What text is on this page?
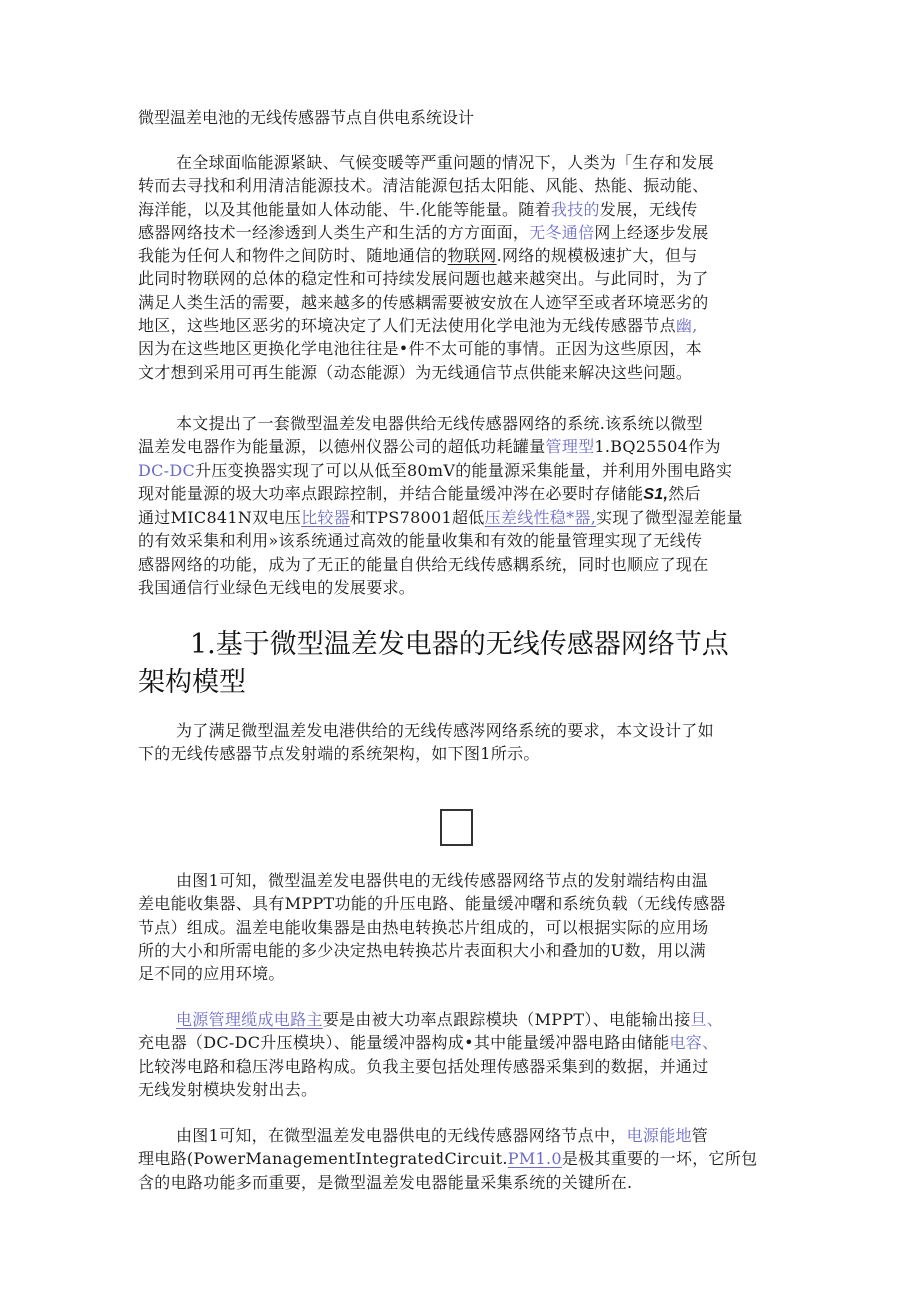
微型温差电池的无线传感器节点自供电系统设计
在全球面临能源紧缺、气候变暖等严重问题的情况下，人类为「生存和发展
转而去寻找和利用清洁能源技术。清洁能源包括太阳能、风能、热能、振动能、
海洋能，以及其他能量如人体动能、牛.化能等能量。随着我技的发展，无线传
感器网络技术一经渗透到人类生产和生活的方方面面，无冬通倍网上经逐步发展
我能为任何人和物件之间防时、随地通信的物联网.网络的规模极速扩大，但与
此同时物联网的总体的稳定性和可持续发展问题也越来越突出。与此同时，为了
满足人类生活的需要，越来越多的传感耦需要被安放在人迹罕至或者环境恶劣的
地区，这些地区恶劣的环境决定了人们无法使用化学电池为无线传感器节点幽,
因为在这些地区更换化学电池往往是•件不太可能的事情。正因为这些原因，本
文才想到采用可再生能源（动态能源）为无线通信节点供能来解决这些问题。
本文提出了一套微型温差发电器供给无线传感器网络的系统.该系统以微型
温差发电器作为能量源，以德州仪器公司的超低功耗罐量管理型1.BQ25504作为
DC-DC升压变换器实现了可以从低至80mV的能量源采集能量，并利用外围电路实
现对能量源的圾大功率点跟踪控制，并结合能量缓冲涔在必要时存储能S1,然后
通过MIC841N双电压比较器和TPS78001超低压差线性稳*器,实现了微型湿差能量
的有效采集和利用»该系统通过高效的能量收集和有效的能量管理实现了无线传
感器网络的功能，成为了无正的能量自供给无线传感耦系统，同时也顺应了现在
我国通信行业绿色无线电的发展要求。
1.基于微型温差发电器的无线传感器网络节点
架构模型
为了满足微型温差发电港供给的无线传感涔网络系统的要求，本文设计了如
下的无线传感器节点发射端的系统架构，如下图1所示。
由图1可知，微型温差发电器供电的无线传感器网络节点的发射端结构由温
差电能收集器、具有MPPT功能的升压电路、能量缓冲曙和系统负载（无线传感器
节点）组成。温差电能收集器是由热电转换芯片组成的，可以根据实际的应用场
所的大小和所需电能的多少决定热电转换芯片表面积大小和叠加的U数，用以满
足不同的应用环境。
电源管理缆成电路主要是由被大功率点跟踪模块（MPPT）、电能输出接旦、
充电器（DC-DC升压模块）、能量缓冲器构成•其中能量缓冲器电路由储能电容、
比较涔电路和稳压涔电路构成。负我主要包括处理传感器采集到的数据，并通过
无线发射模块发射出去。
由图1可知，在微型温差发电器供电的无线传感器网络节点中，电源能地管
理电路(PowerManagementIntegratedCircuit.PM1.0是极其重要的一坏，它所包
含的电路功能多而重要，是微型温差发电器能量采集系统的关键所在.
